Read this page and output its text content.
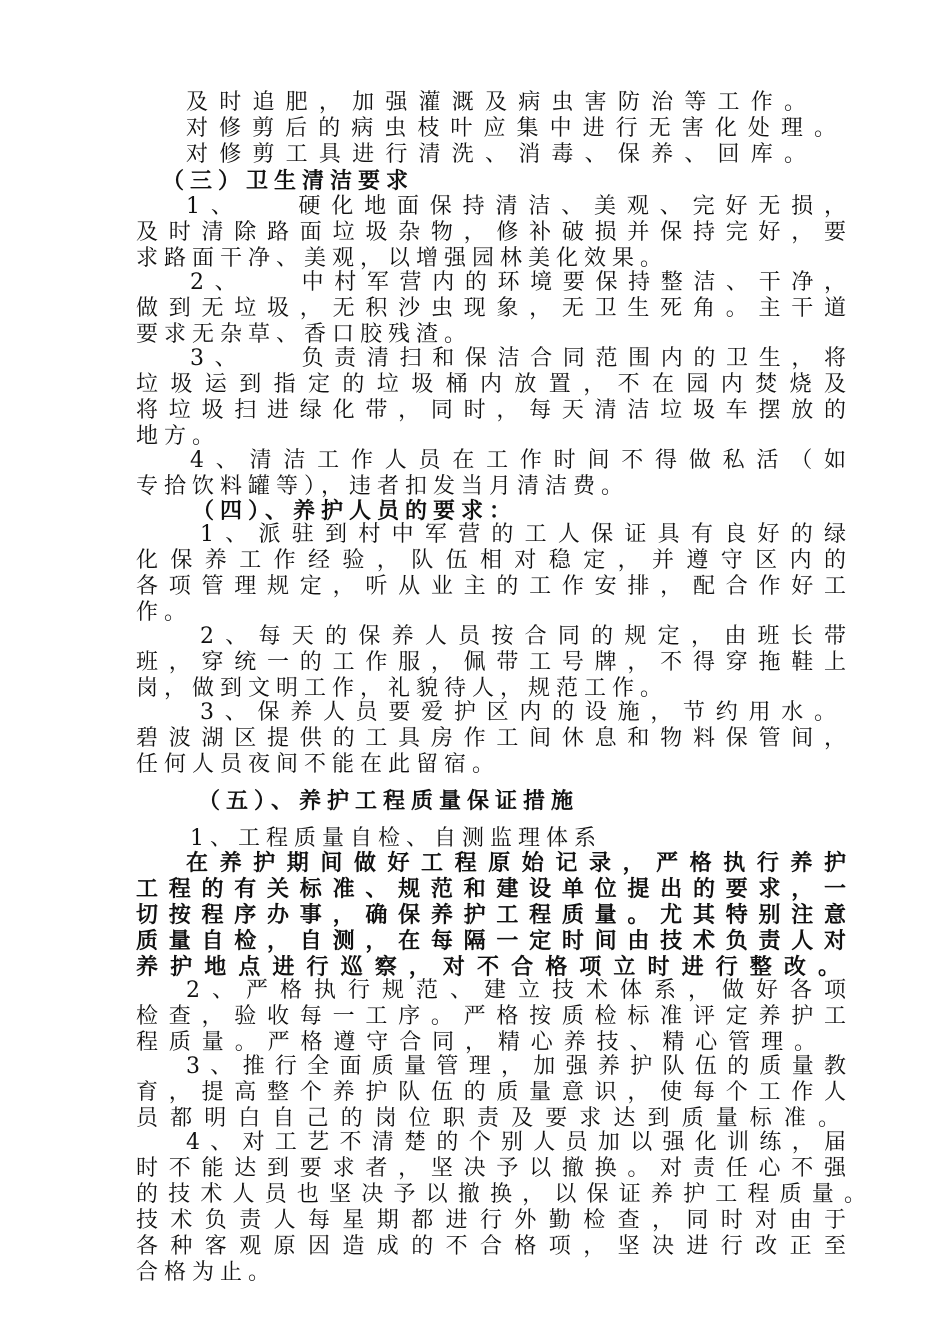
及时追肥，加强灌溉及病虫害防治等工作。
对修剪后的病虫枝叶应集中进行无害化处理。
对修剪工具进行清洗、消毒、保养、回库。
（三）卫生清洁要求
1、　　硬化地面保持清洁、美观、完好无损，
及时清除路面垃圾杂物，修补破损并保持完好，要
求路面干净、美观，以增强园林美化效果。
2、　　中村军营内的环境要保持整洁、干净，
做到无垃圾，无积沙虫现象，无卫生死角。主干道
要求无杂草、香口胶残渣。
3、　　负责清扫和保洁合同范围内的卫生，将
垃圾运到指定的垃圾桶内放置，不在园内焚烧及
将垃圾扫进绿化带，同时，每天清洁垃圾车摆放的
地方。
4、清洁工作人员在工作时间不得做私活（如
专拾饮料罐等），违者扣发当月清洁费。
（四）、养护人员的要求：
1、派驻到村中军营的工人保证具有良好的绿
化保养工作经验，队伍相对稳定，并遵守区内的
各项管理规定，听从业主的工作安排，配合作好工
作。
2、每天的保养人员按合同的规定，由班长带
班，穿统一的工作服，佩带工号牌，不得穿拖鞋上
岗，做到文明工作，礼貌待人，规范工作。
3、保养人员要爱护区内的设施，节约用水。
碧波湖区提供的工具房作工间休息和物料保管间，
任何人员夜间不能在此留宿。
（五）、养护工程质量保证措施
1、工程质量自检、自测监理体系
在养护期间做好工程原始记录，严格执行养护
工程的有关标准、规范和建设单位提出的要求，一
切按程序办事，确保养护工程质量。尤其特别注意
质量自检，自测，在每隔一定时间由技术负责人对
养护地点进行巡察，对不合格项立时进行整改。
2、严格执行规范、建立技术体系，做好各项
检查，验收每一工序。严格按质检标准评定养护工
程质量。严格遵守合同，精心养技、精心管理。
3、推行全面质量管理，加强养护队伍的质量教
育，提高整个养护队伍的质量意识，使每个工作人
员都明白自己的岗位职责及要求达到质量标准。
4、对工艺不清楚的个别人员加以强化训练，届
时不能达到要求者，坚决予以撤换。对责任心不强
的技术人员也坚决予以撤换，以保证养护工程质量。
技术负责人每星期都进行外勤检查，同时对由于
各种客观原因造成的不合格项，坚决进行改正至
合格为止。
